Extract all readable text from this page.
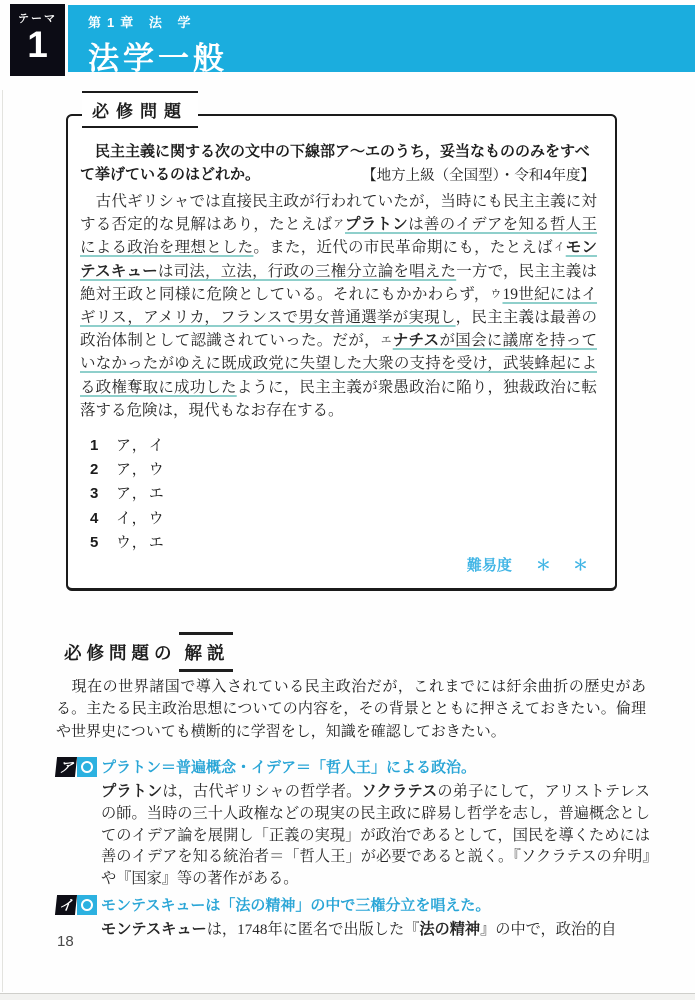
テーマ
1
第1章 法 学
法学一般
必修問題
民主主義に関する次の文中の下線部ア〜エのうち，妥当なもののみをすべて挙げているのはどれか。	【地方上級（全国型）・令和4年度】
　古代ギリシャでは直接民主政が行われていたが，当時にも民主主義に対する否定的な見解はあり，たとえばアプラトンは善のイデアを知る哲人王による政治を理想とした。また，近代の市民革命期にも，たとえばイモンテスキューは司法，立法，行政の三権分立論を唱えた一方で，民主主義は絶対王政と同様に危険としている。それにもかかわらず，ウ19世紀にはイギリス，アメリカ，フランスで男女普通選挙が実現し，民主主義は最善の政治体制として認識されていった。だが，エナチスが国会に議席を持っていなかったがゆえに既成政党に失望した大衆の支持を受け，武装蜂起による政権奪取に成功したように，民主主義が衆愚政治に陥り，独裁政治に転落する危険は，現代もなお存在する。
1 ア，イ
2 ア，ウ
3 ア，エ
4 イ，ウ
5 ウ，エ
難易度 ＊ ＊
必修問題の 解説
　現在の世界諸国で導入されている民主政治だが，これまでには紆余曲折の歴史がある。主たる民主政治思想についての内容を，その背景とともに押さえておきたい。倫理や世界史についても横断的に学習をし，知識を確認しておきたい。
ア	プラトン＝普遍概念・イデア＝「哲人王」による政治。
プラトンは，古代ギリシャの哲学者。ソクラテスの弟子にして，アリストテレスの師。当時の三十人政権などの現実の民主政に辟易し哲学を志し，普遍概念としてのイデア論を展開し「正義の実現」が政治であるとして，国民を導くためには善のイデアを知る統治者＝「哲人王」が必要であると説く。『ソクラテスの弁明』や『国家』等の著作がある。
イ	モンテスキューは「法の精神」の中で三権分立を唱えた。
モンテスキューは，1748年に匿名で出版した『法の精神』の中で，政治的自
18
